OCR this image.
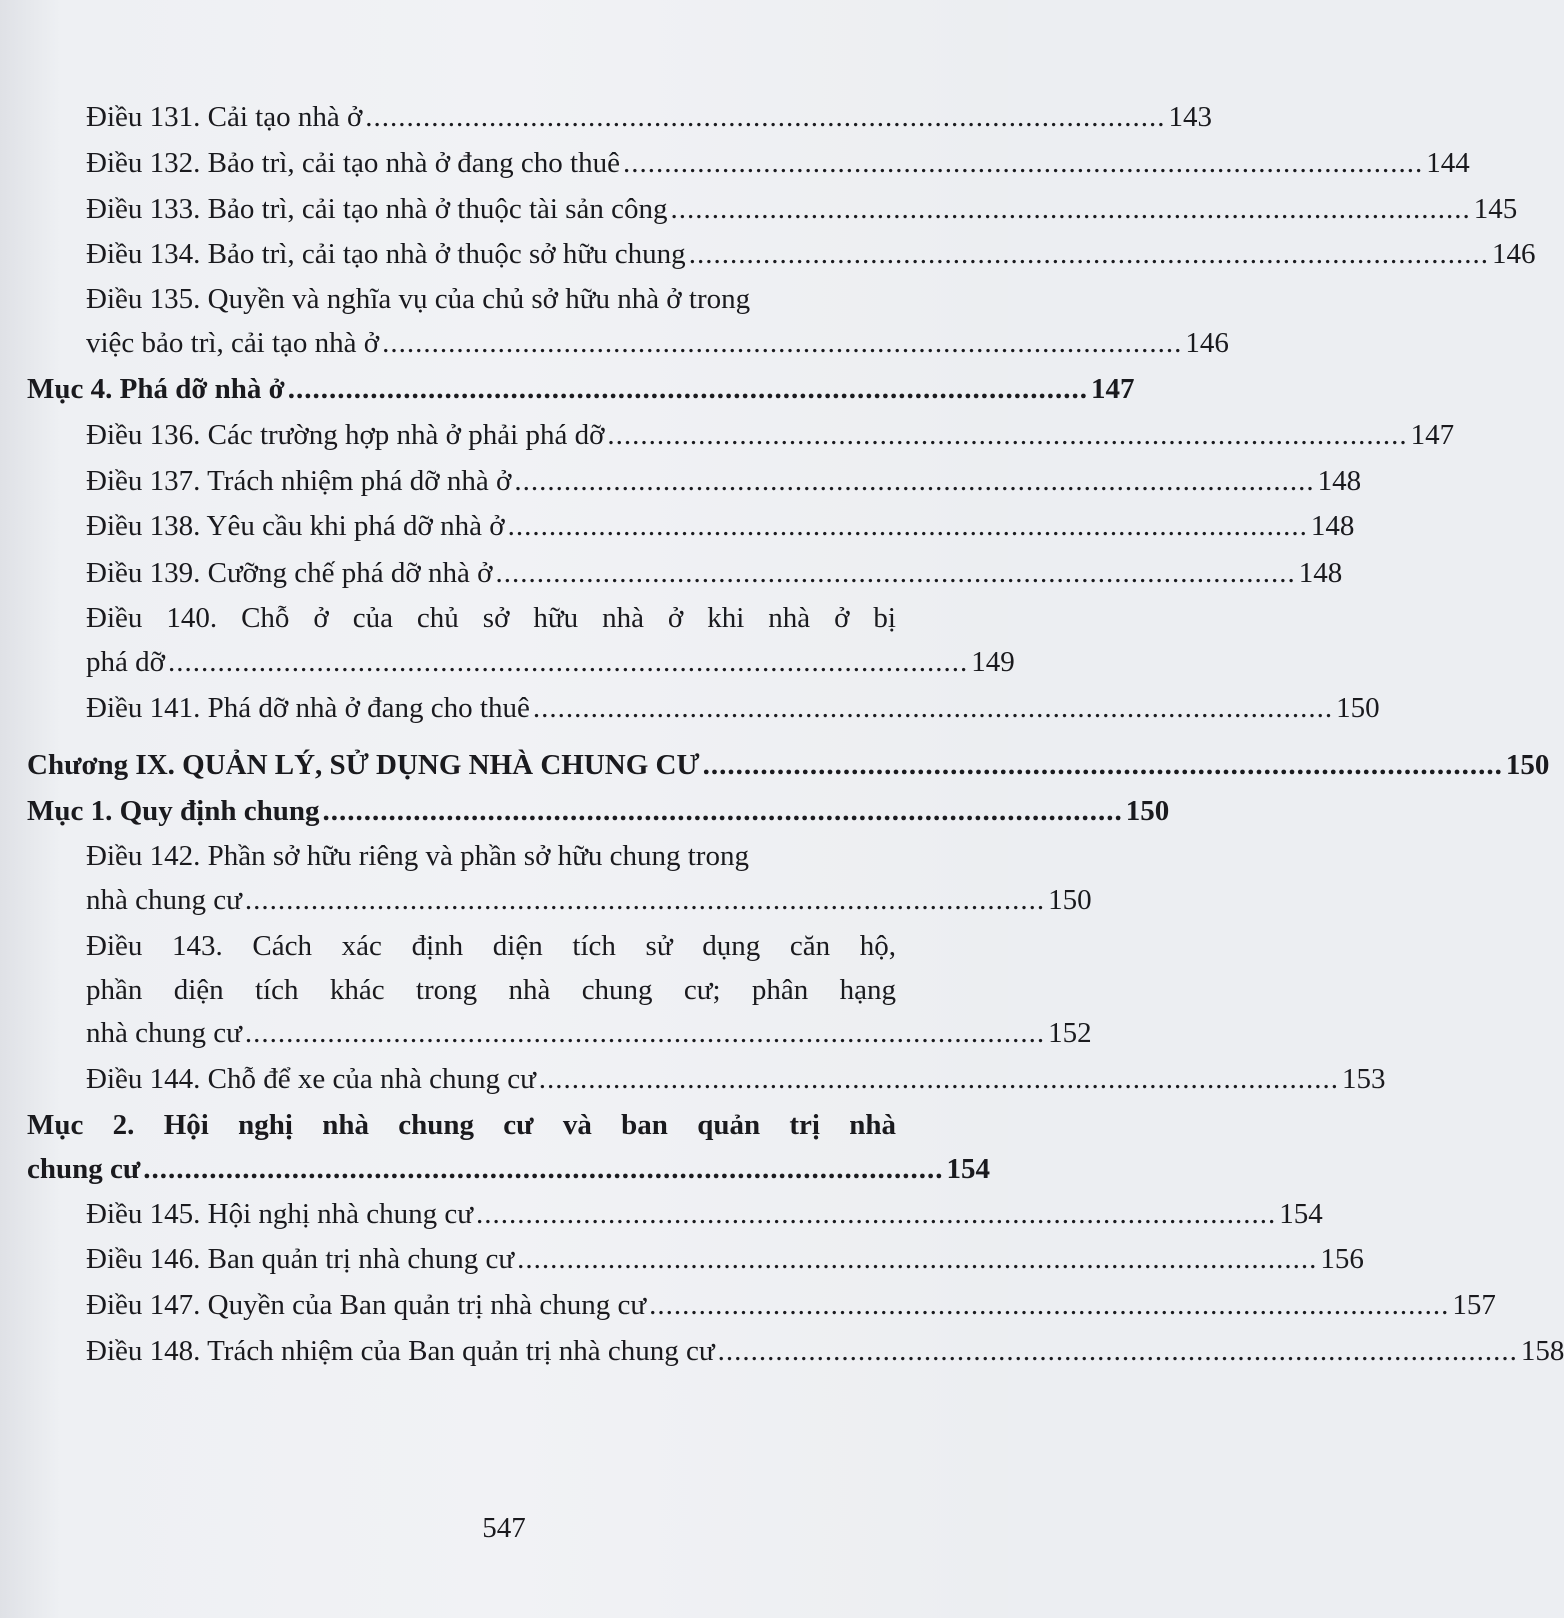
Điều 131. Cải tạo nhà ở ................................................................................................. 143
Điều 132. Bảo trì, cải tạo nhà ở đang cho thuê ................................................................................................. 144
Điều 133. Bảo trì, cải tạo nhà ở thuộc tài sản công ................................................................................................. 145
Điều 134. Bảo trì, cải tạo nhà ở thuộc sở hữu chung ................................................................................................. 146
Điều 135. Quyền và nghĩa vụ của chủ sở hữu nhà ở trong
việc bảo trì, cải tạo nhà ở ................................................................................................. 146
Mục 4. Phá dỡ nhà ở ................................................................................................. 147
Điều 136. Các trường hợp nhà ở phải phá dỡ ................................................................................................. 147
Điều 137. Trách nhiệm phá dỡ nhà ở ................................................................................................. 148
Điều 138. Yêu cầu khi phá dỡ nhà ở ................................................................................................. 148
Điều 139. Cưỡng chế phá dỡ nhà ở ................................................................................................. 148
Điều 140. Chỗ ở của chủ sở hữu nhà ở khi nhà ở bị
phá dỡ ................................................................................................. 149
Điều 141. Phá dỡ nhà ở đang cho thuê ................................................................................................. 150
Chương IX. QUẢN LÝ, SỬ DỤNG NHÀ CHUNG CƯ ................................................................................................. 150
Mục 1. Quy định chung ................................................................................................. 150
Điều 142. Phần sở hữu riêng và phần sở hữu chung trong
nhà chung cư ................................................................................................. 150
Điều 143. Cách xác định diện tích sử dụng căn hộ,
phần diện tích khác trong nhà chung cư; phân hạng
nhà chung cư ................................................................................................. 152
Điều 144. Chỗ để xe của nhà chung cư ................................................................................................. 153
Mục 2. Hội nghị nhà chung cư và ban quản trị nhà
chung cư ................................................................................................. 154
Điều 145. Hội nghị nhà chung cư ................................................................................................. 154
Điều 146. Ban quản trị nhà chung cư ................................................................................................. 156
Điều 147. Quyền của Ban quản trị nhà chung cư ................................................................................................. 157
Điều 148. Trách nhiệm của Ban quản trị nhà chung cư ................................................................................................. 158
547
